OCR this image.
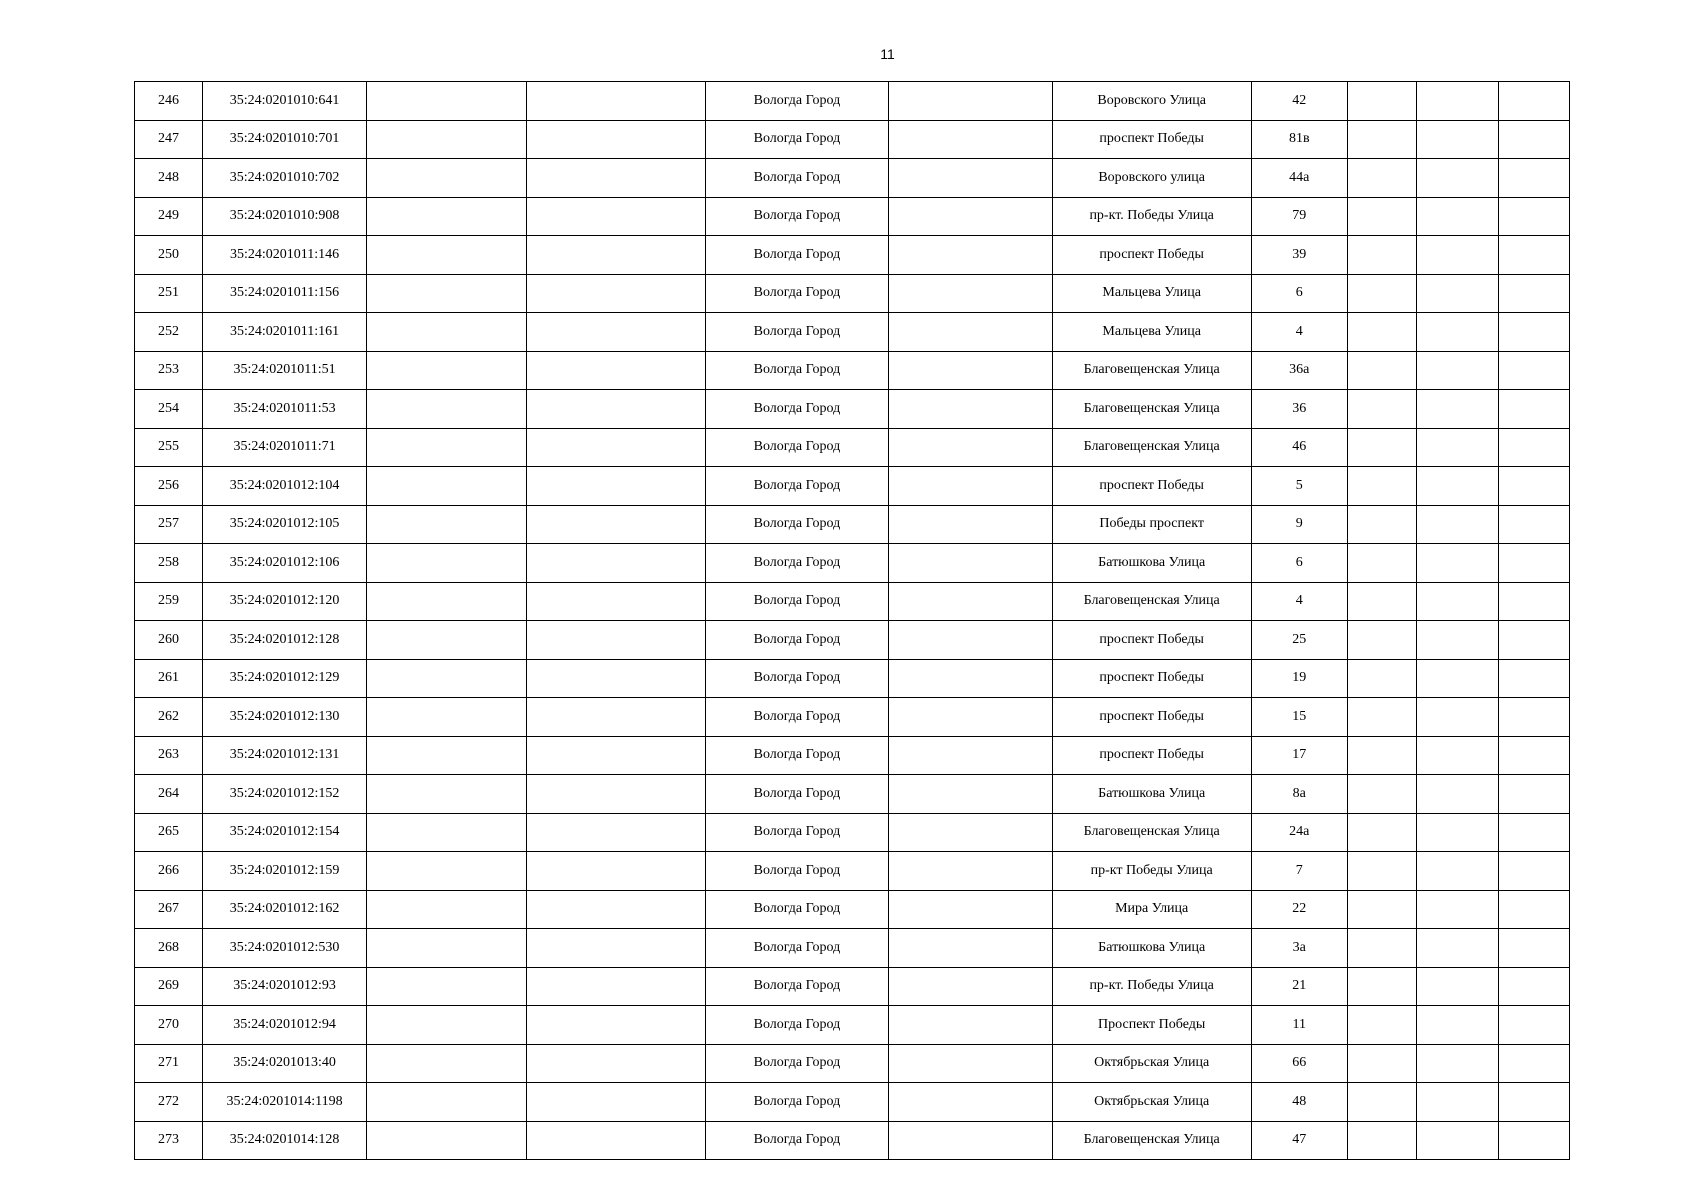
11
246	35:24:0201010:641			Вологда Город		Воровского Улица	42			
247	35:24:0201010:701			Вологда Город		проспект Победы	81в			
248	35:24:0201010:702			Вологда Город		Воровского улица	44а			
249	35:24:0201010:908			Вологда Город		пр-кт. Победы Улица	79			
250	35:24:0201011:146			Вологда Город		проспект Победы	39			
251	35:24:0201011:156			Вологда Город		Мальцева Улица	6			
252	35:24:0201011:161			Вологда Город		Мальцева Улица	4			
253	35:24:0201011:51			Вологда Город		Благовещенская Улица	36а			
254	35:24:0201011:53			Вологда Город		Благовещенская Улица	36			
255	35:24:0201011:71			Вологда Город		Благовещенская Улица	46			
256	35:24:0201012:104			Вологда Город		проспект Победы	5			
257	35:24:0201012:105			Вологда Город		Победы проспект	9			
258	35:24:0201012:106			Вологда Город		Батюшкова Улица	6			
259	35:24:0201012:120			Вологда Город		Благовещенская Улица	4			
260	35:24:0201012:128			Вологда Город		проспект Победы	25			
261	35:24:0201012:129			Вологда Город		проспект Победы	19			
262	35:24:0201012:130			Вологда Город		проспект Победы	15			
263	35:24:0201012:131			Вологда Город		проспект Победы	17			
264	35:24:0201012:152			Вологда Город		Батюшкова Улица	8а			
265	35:24:0201012:154			Вологда Город		Благовещенская Улица	24а			
266	35:24:0201012:159			Вологда Город		пр-кт Победы Улица	7			
267	35:24:0201012:162			Вологда Город		Мира Улица	22			
268	35:24:0201012:530			Вологда Город		Батюшкова Улица	3а			
269	35:24:0201012:93			Вологда Город		пр-кт. Победы Улица	21			
270	35:24:0201012:94			Вологда Город		Проспект Победы	11			
271	35:24:0201013:40			Вологда Город		Октябрьская Улица	66			
272	35:24:0201014:1198			Вологда Город		Октябрьская Улица	48			
273	35:24:0201014:128			Вологда Город		Благовещенская Улица	47			
